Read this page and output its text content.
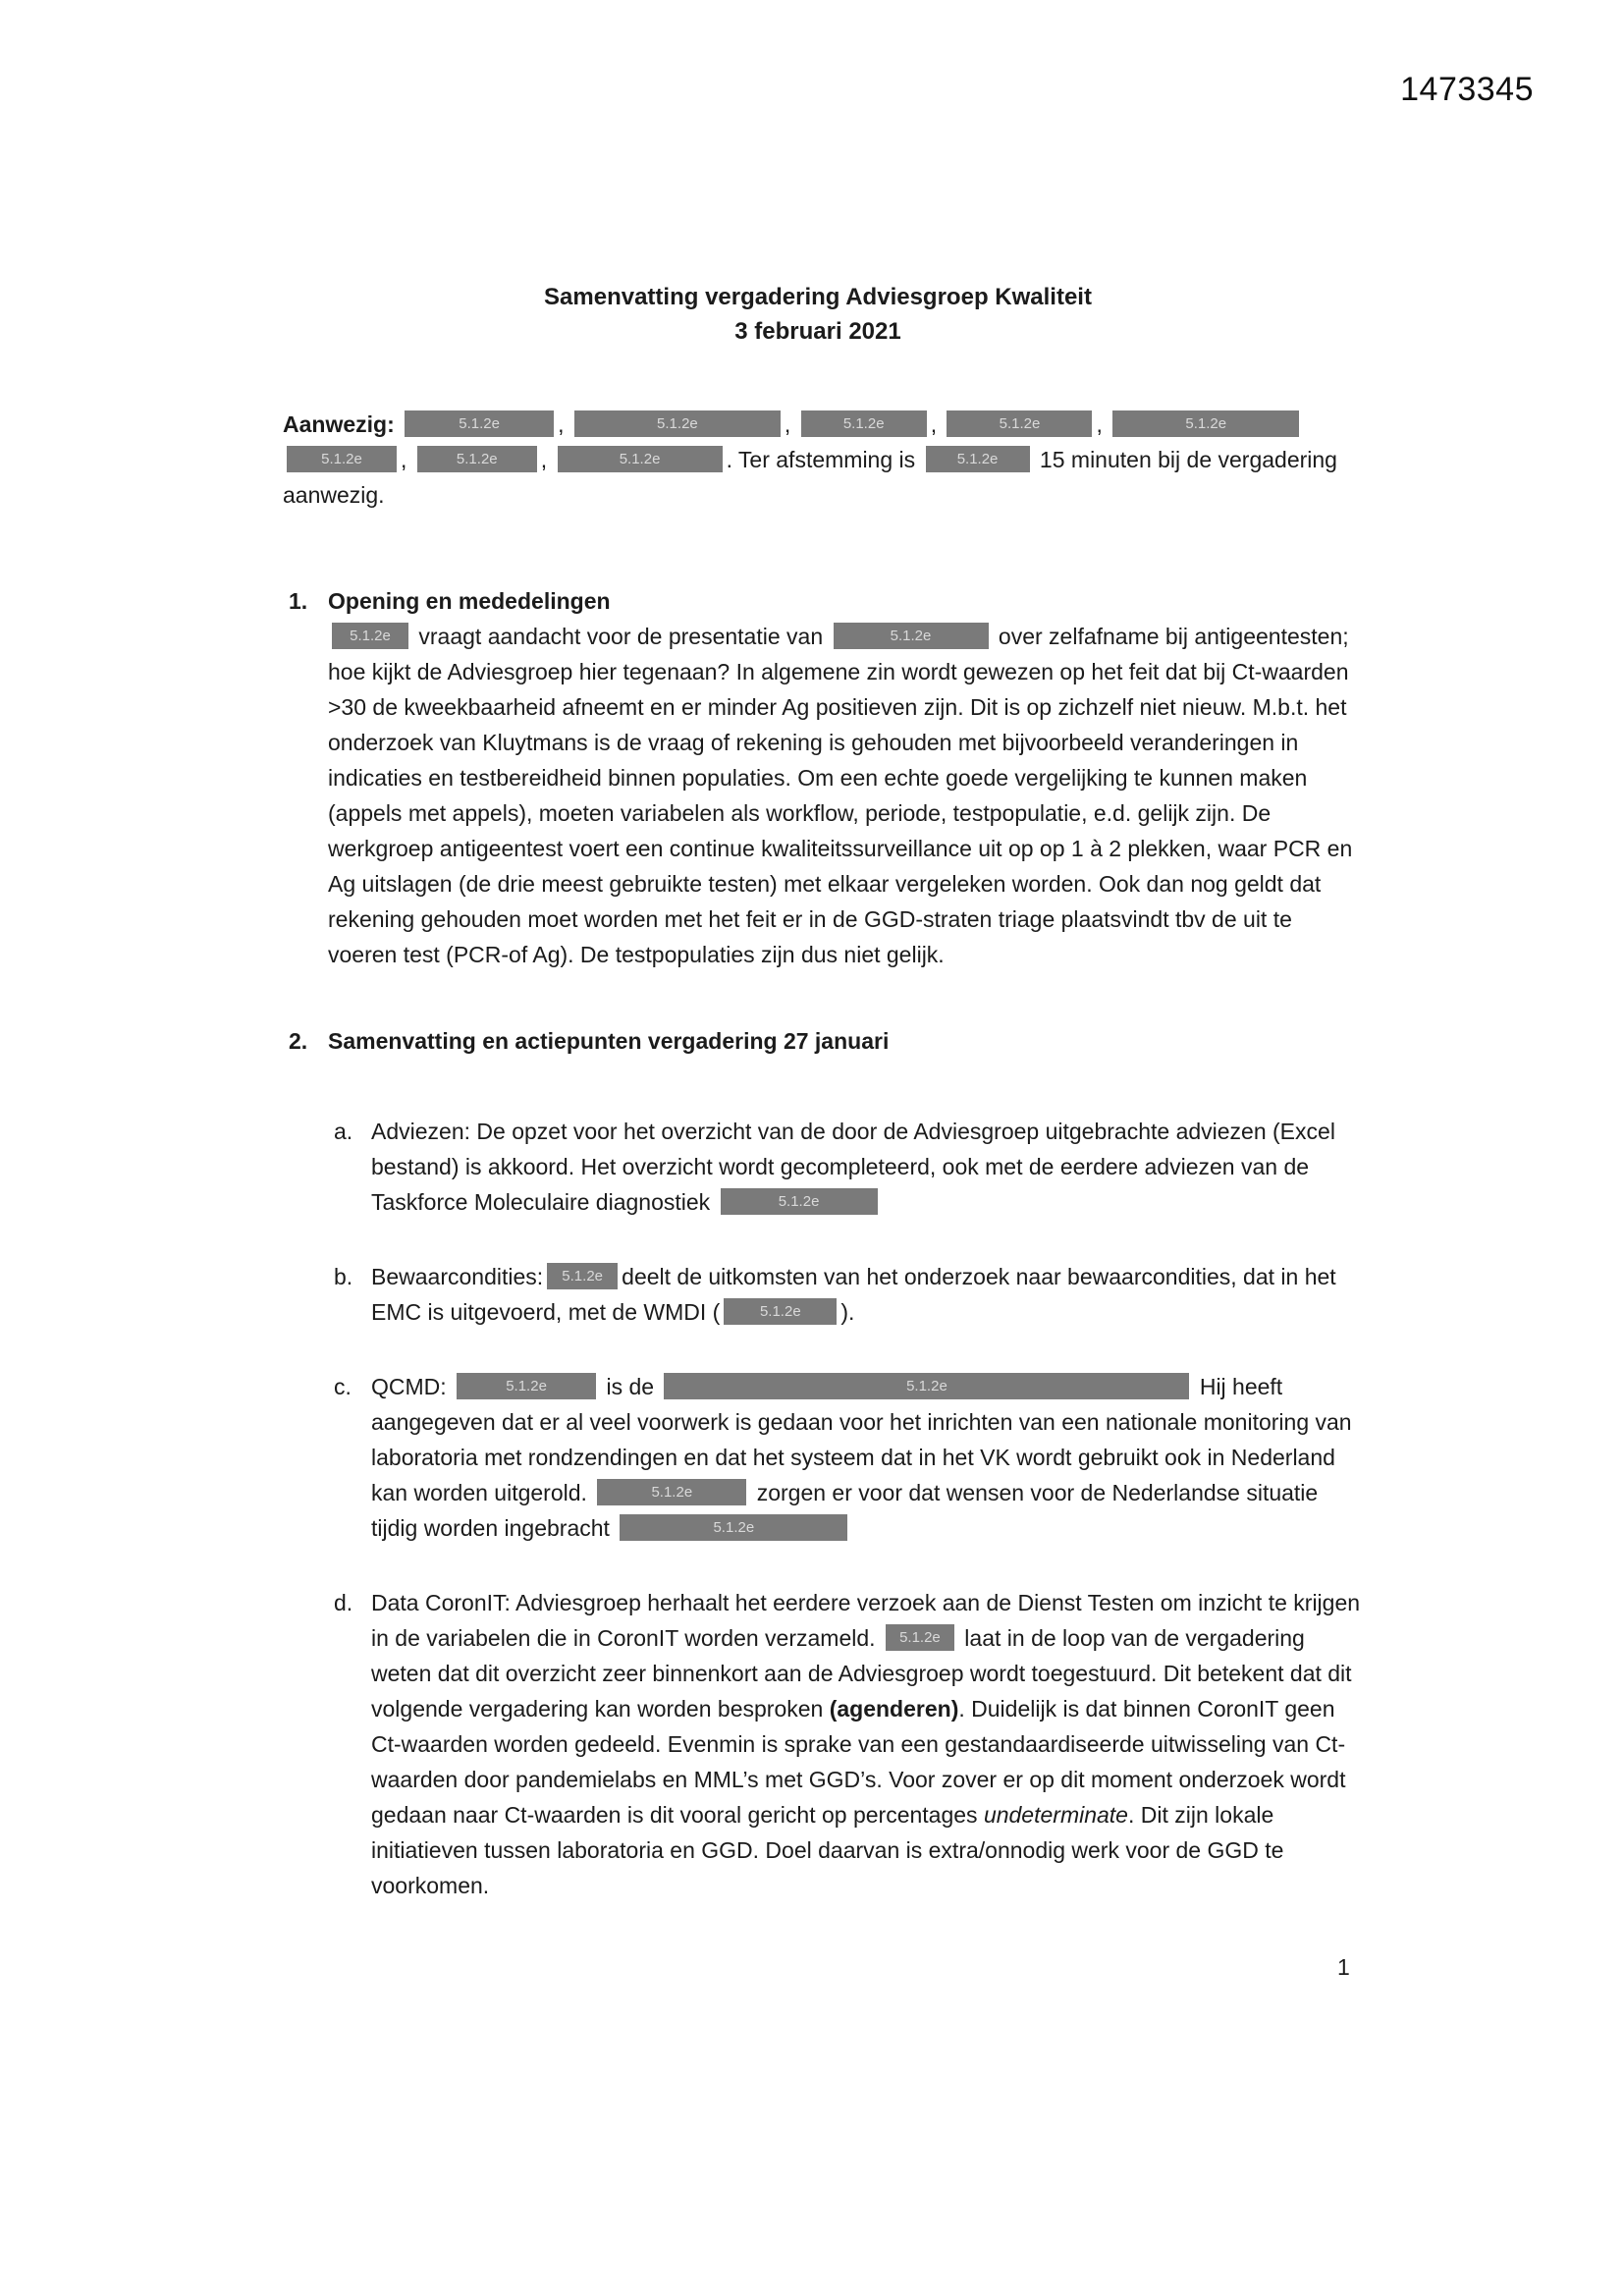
1473345
Samenvatting vergadering Adviesgroep Kwaliteit
3 februari 2021

Aanwezig:	5.1.2e	,	5.1.2e	,	5.1.2e ,	5.1.2e ,	5.1.2e 5.1.2e ,	5.1.2e ,	5.1.2e	. Ter afstemming is 5.1.2e 15 minuten bij de vergadering aanwezig.

1. Opening en mededelingen

5.1.2e vraagt aandacht voor de presentatie van	5.1.2e	over zelfafname bij antigeentesten; hoe kijkt de Adviesgroep hier tegenaan? In algemene zin wordt gewezen op het feit dat bij Ct-waarden >30 de kweekbaarheid afneemt en er minder Ag positieven zijn. Dit is op zichzelf niet nieuw. M.b.t. het onderzoek van Kluytmans is de vraag of rekening is gehouden met bijvoorbeeld veranderingen in indicaties en testbereidheid binnen populaties. Om een echte goede vergelijking te kunnen maken (appels met appels), moeten variabelen als workflow, periode, testpopulatie, e.d. gelijk zijn. De werkgroep antigeentest voert een continue kwaliteitssurveillance uit op op 1 à 2 plekken, waar PCR en Ag uitslagen (de drie meest gebruikte testen) met elkaar vergeleken worden. Ook dan nog geldt dat rekening gehouden moet worden met het feit er in de GGD-straten triage plaatsvindt tbv de uit te voeren test (PCR-of Ag). De testpopulaties zijn dus niet gelijk.

2. Samenvatting en actiepunten vergadering 27 januari
a. Adviezen: De opzet voor het overzicht van de door de Adviesgroep uitgebrachte adviezen (Excel bestand) is akkoord. Het overzicht wordt gecompleteerd, ook met de eerdere adviezen van de Taskforce Moleculaire diagnostiek	5.1.2e

b. Bewaarcondities: 5.1.2e deelt de uitkomsten van het onderzoek naar bewaarcondities, dat in het EMC is uitgevoerd, met de WMDI (	5.1.2e ).

c. QCMD:	5.1.2e is de	5.1.2e	Hij heeft aangegeven dat er al veel voorwerk is gedaan voor het inrichten van een nationale monitoring van laboratoria met rondzendingen en dat het systeem dat in het VK wordt gebruikt ook in Nederland kan worden uitgerold.	5.1.2e	zorgen er voor dat wensen voor de Nederlandse situatie tijdig worden ingebracht	5.1.2e

d. Data CoronIT: Adviesgroep herhaalt het eerdere verzoek aan de Dienst Testen om inzicht te krijgen in de variabelen die in CoronIT worden verzameld. 5.1.2e laat in de loop van de vergadering weten dat dit overzicht zeer binnenkort aan de Adviesgroep wordt toegestuurd. Dit betekent dat dit volgende vergadering kan worden besproken (agenderen). Duidelijk is dat binnen CoronIT geen Ct-waarden worden gedeeld. Evenmin is sprake van een gestandaardiseerde uitwisseling van Ct-waarden door pandemielabs en MML’s met GGD’s. Voor zover er op dit moment onderzoek wordt gedaan naar Ct-waarden is dit vooral gericht op percentages undeterminate. Dit zijn lokale initiatieven tussen laboratoria en GGD. Doel daarvan is extra/onnodig werk voor de GGD te voorkomen.

1
